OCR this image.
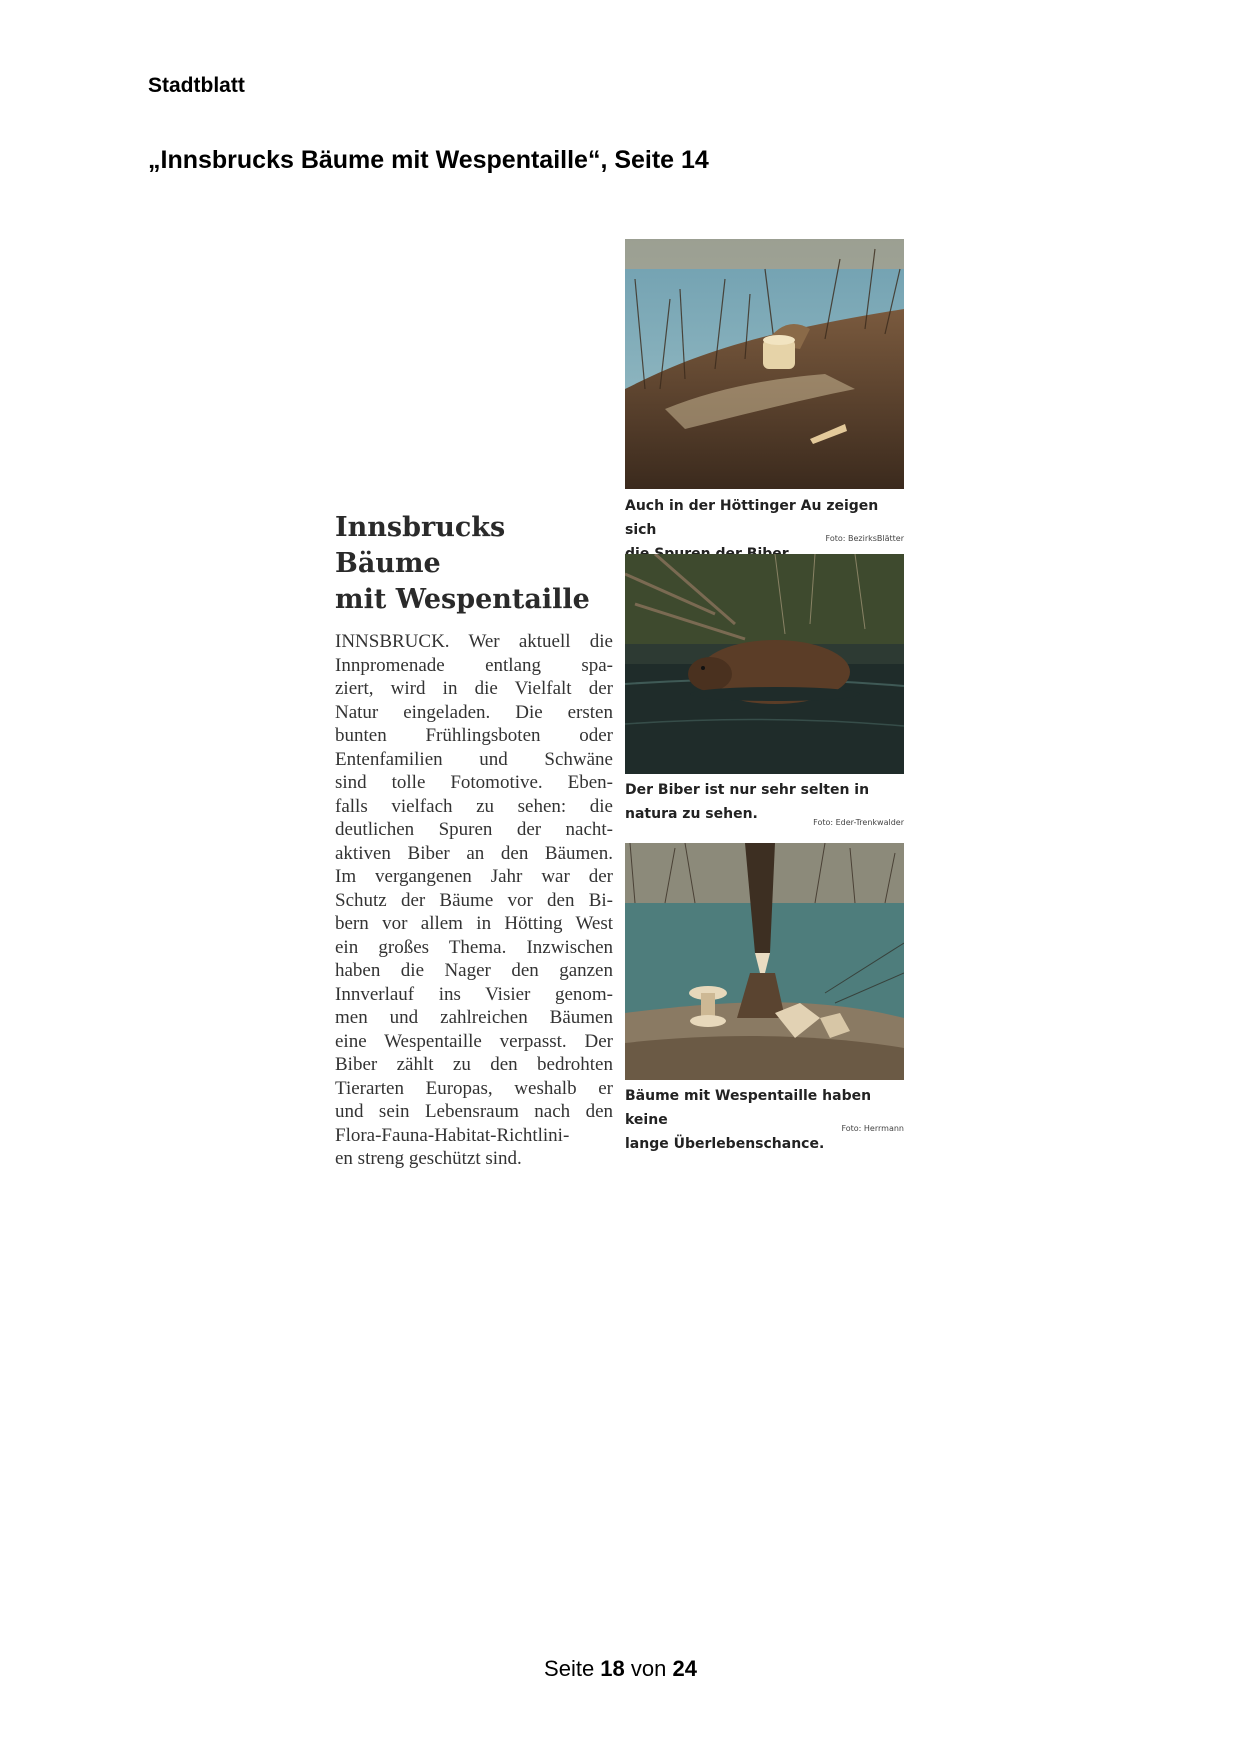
Stadtblatt
„Innsbrucks Bäume mit Wespentaille“, Seite 14
Innsbrucks Bäume
mit Wespentaille

INNSBRUCK. Wer aktuell die
Innpromenade entlang spa-
ziert, wird in die Vielfalt der
Natur eingeladen. Die ersten
bunten Frühlingsboten oder
Entenfamilien und Schwäne
sind tolle Fotomotive. Eben-
falls vielfach zu sehen: die
deutlichen Spuren der nacht-
aktiven Biber an den Bäumen.
Im vergangenen Jahr war der
Schutz der Bäume vor den Bi-
bern vor allem in Hötting West
ein großes Thema. Inzwischen
haben die Nager den ganzen
Innverlauf ins Visier genom-
men und zahlreichen Bäumen
eine Wespentaille verpasst. Der
Biber zählt zu den bedrohten
Tierarten Europas, weshalb er
und sein Lebensraum nach den
Flora-Fauna-Habitat-Richtlini-
en streng geschützt sind.

Auch in der Höttinger Au zeigen sich

Foto: BezirksBlätter
Der Biber ist nur sehr selten in
natura zu sehen.
Foto: Eder-Trenkwalder
Bäume mit Wespentaille haben keine
lange Überlebenschance.
Foto: Herrmann
Seite 18 von 24
